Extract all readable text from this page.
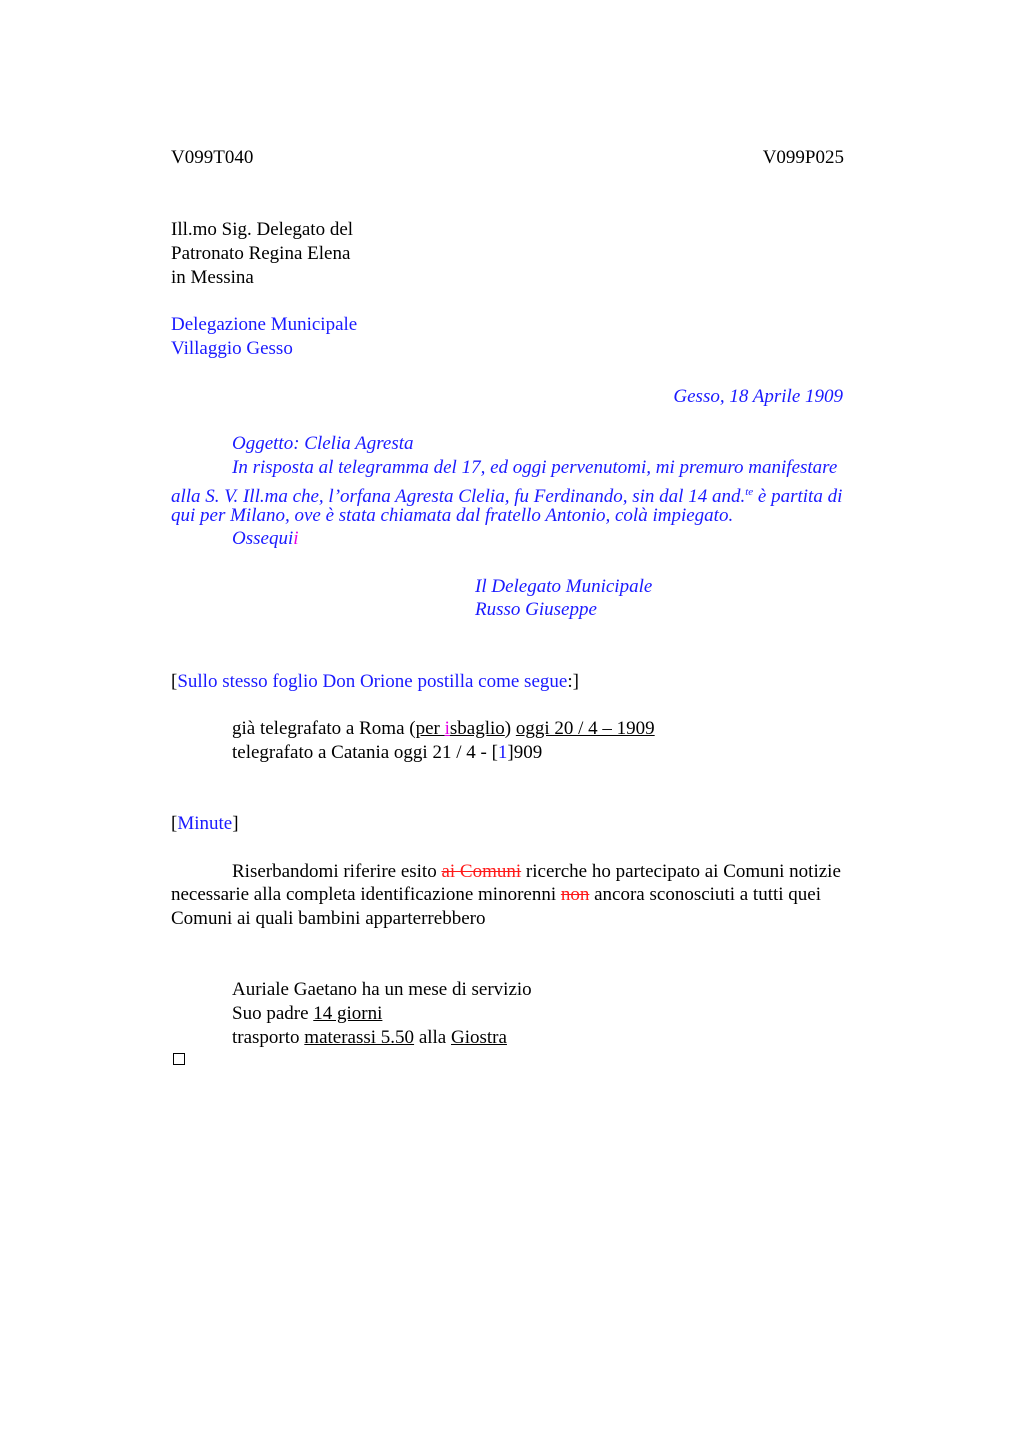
V099T040	V099P025
Ill.mo Sig. Delegato del
Patronato Regina Elena
in Messina
Delegazione Municipale
Villaggio Gesso
Gesso, 18 Aprile 1909
Oggetto: Clelia Agresta
In risposta al telegramma del 17, ed oggi pervenutomi, mi premuro manifestare
alla S. V. Ill.ma che, l’orfana Agresta Clelia, fu Ferdinando, sin dal 14 and.$^{te}$ è partita di
qui per Milano, ove è stata chiamata dal fratello Antonio, colà impiegato.
Ossequii
Il Delegato Municipale
Russo Giuseppe
[Sullo stesso foglio Don Orione postilla come segue:]
già telegrafato a Roma (per isbaglio) oggi 20 / 4 – 1909
telegrafato a Catania oggi 21 / 4 - [1]909
[Minute]
Riserbandomi riferire esito ai Comuni ricerche ho partecipato ai Comuni notizie
necessarie alla completa identificazione minorenni non ancora sconosciuti a tutti quei
Comuni ai quali bambini apparterrebbero
Auriale Gaetano ha un mese di servizio
Suo padre 14 giorni
trasporto materassi 5.50 alla Giostra
